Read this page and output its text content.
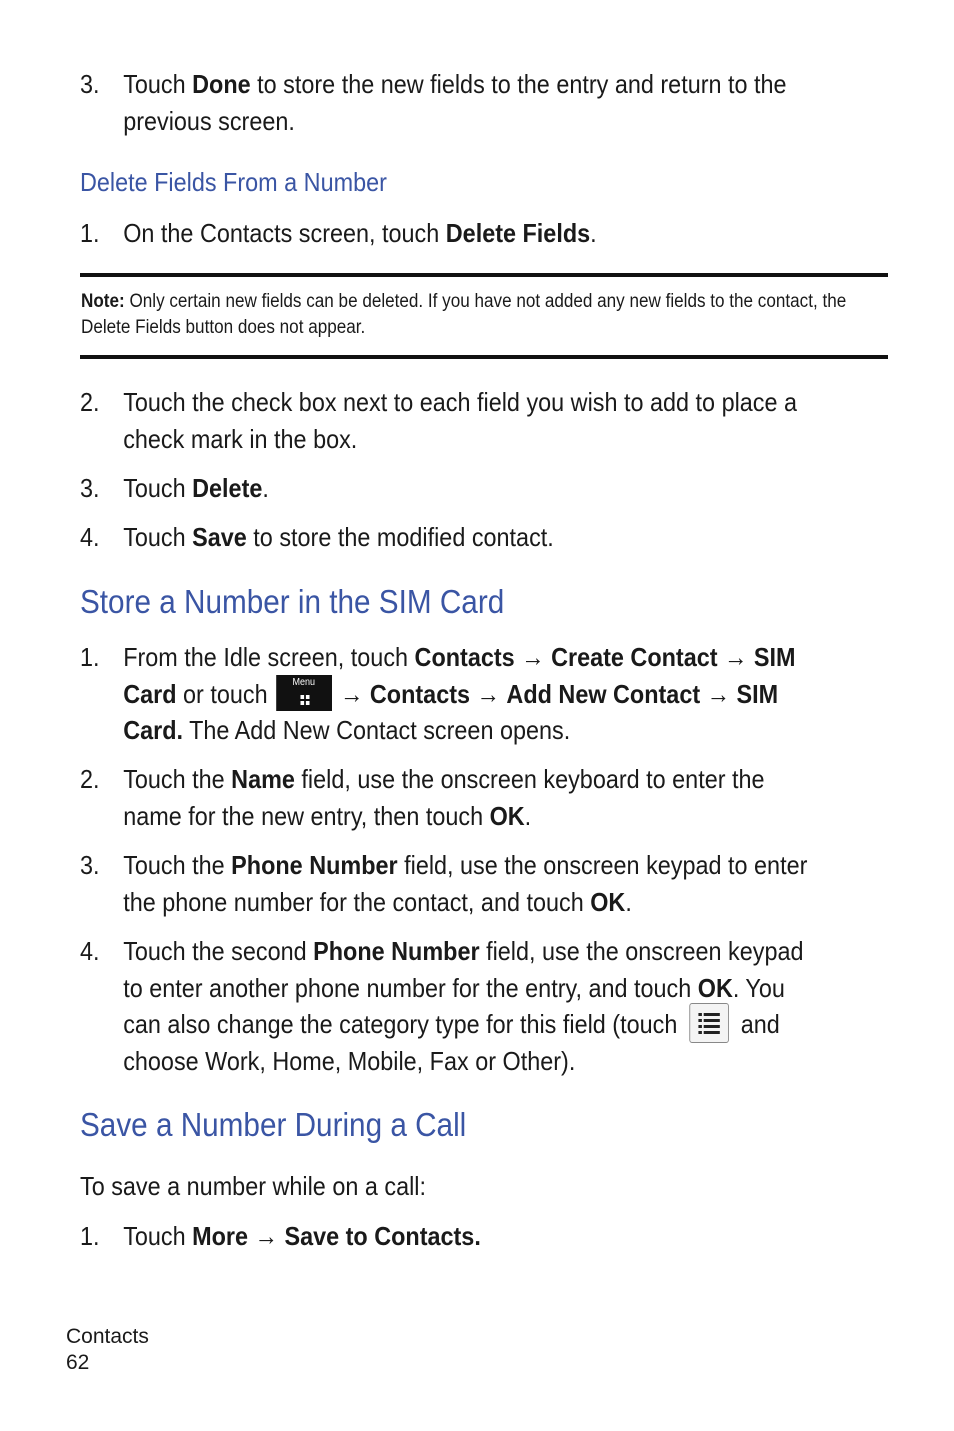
3. Touch Done to store the new fields to the entry and return to the previous screen.
Delete Fields From a Number
1. On the Contacts screen, touch Delete Fields.
Note: Only certain new fields can be deleted. If you have not added any new fields to the contact, the Delete Fields button does not appear.
2. Touch the check box next to each field you wish to add to place a check mark in the box.
3. Touch Delete.
4. Touch Save to store the modified contact.
Store a Number in the SIM Card
1. From the Idle screen, touch Contacts → Create Contact → SIM Card or touch	Menu → Contacts → Add New Contact → SIM Card. The Add New Contact screen opens.
2. Touch the Name field, use the onscreen keyboard to enter the name for the new entry, then touch OK.
3. Touch the Phone Number field, use the onscreen keypad to enter the phone number for the contact, and touch OK.
4. Touch the second Phone Number field, use the onscreen keypad to enter another phone number for the entry, and touch OK. You can also change the category type for this field (touch
and choose Work, Home, Mobile, Fax or Other).
Save a Number During a Call
To save a number while on a call:
1. Touch More → Save to Contacts.
Contacts
62
